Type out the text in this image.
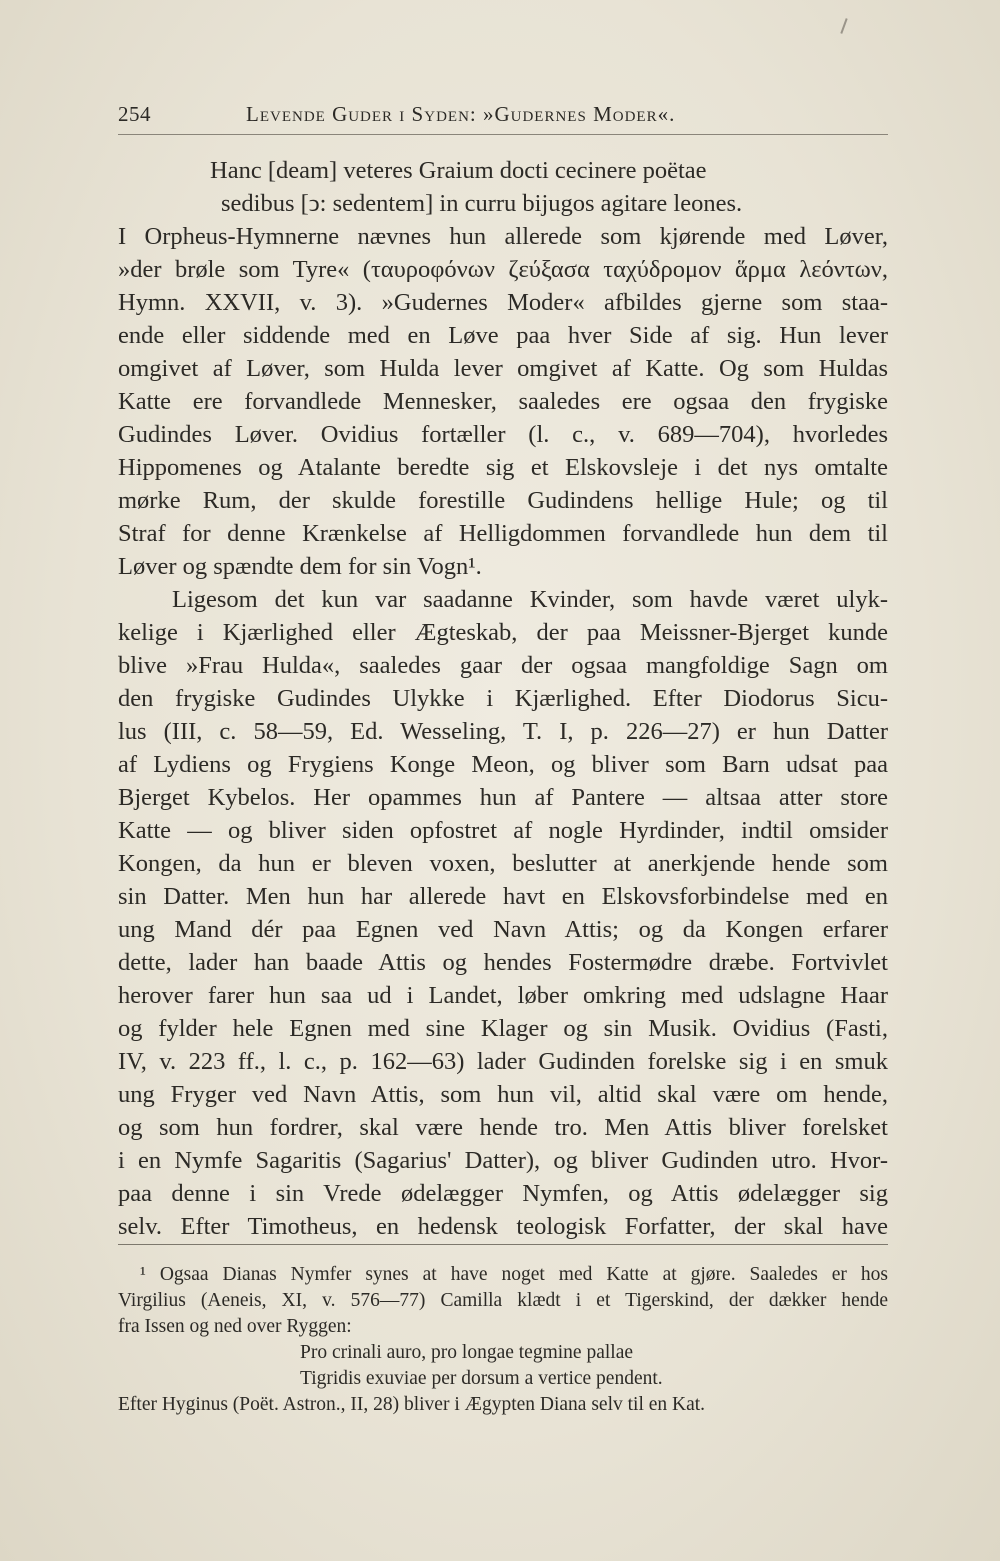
254	Levende Guder i Syden: »Gudernes Moder«.
Hanc [deam] veteres Graium docti cecinere poëtae
sedibus [ↄ: sedentem] in curru bijugos agitare leones.
I Orpheus-Hymnerne nævnes hun allerede som kjørende med Løver,
»der brøle som Tyre« (ταυροφόνων ζεύξασα ταχύδρομον ἅρμα λεόντων,
Hymn. XXVII, v. 3). »Gudernes Moder« afbildes gjerne som staa-
ende eller siddende med en Løve paa hver Side af sig. Hun lever
omgivet af Løver, som Hulda lever omgivet af Katte. Og som Huldas
Katte ere forvandlede Mennesker, saaledes ere ogsaa den frygiske
Gudindes Løver. Ovidius fortæller (l. c., v. 689—704), hvorledes
Hippomenes og Atalante beredte sig et Elskovsleje i det nys omtalte
mørke Rum, der skulde forestille Gudindens hellige Hule; og til
Straf for denne Krænkelse af Helligdommen forvandlede hun dem til
Løver og spændte dem for sin Vogn¹.
Ligesom det kun var saadanne Kvinder, som havde været ulyk-
kelige i Kjærlighed eller Ægteskab, der paa Meissner-Bjerget kunde
blive »Frau Hulda«, saaledes gaar der ogsaa mangfoldige Sagn om
den frygiske Gudindes Ulykke i Kjærlighed. Efter Diodorus Sicu-
lus (III, c. 58—59, Ed. Wesseling, T. I, p. 226—27) er hun Datter
af Lydiens og Frygiens Konge Meon, og bliver som Barn udsat paa
Bjerget Kybelos. Her opammes hun af Pantere — altsaa atter store
Katte — og bliver siden opfostret af nogle Hyrdinder, indtil omsider
Kongen, da hun er bleven voxen, beslutter at anerkjende hende som
sin Datter. Men hun har allerede havt en Elskovsforbindelse med en
ung Mand dér paa Egnen ved Navn Attis; og da Kongen erfarer
dette, lader han baade Attis og hendes Fostermødre dræbe. Fortvivlet
herover farer hun saa ud i Landet, løber omkring med udslagne Haar
og fylder hele Egnen med sine Klager og sin Musik. Ovidius (Fasti,
IV, v. 223 ff., l. c., p. 162—63) lader Gudinden forelske sig i en smuk
ung Fryger ved Navn Attis, som hun vil, altid skal være om hende,
og som hun fordrer, skal være hende tro. Men Attis bliver forelsket
i en Nymfe Sagaritis (Sagarius' Datter), og bliver Gudinden utro. Hvor-
paa denne i sin Vrede ødelægger Nymfen, og Attis ødelægger sig
selv. Efter Timotheus, en hedensk teologisk Forfatter, der skal have
¹ Ogsaa Dianas Nymfer synes at have noget med Katte at gjøre. Saaledes er hos
Virgilius (Aeneis, XI, v. 576—77) Camilla klædt i et Tigerskind, der dækker hende
fra Issen og ned over Ryggen:
Pro crinali auro, pro longae tegmine pallae
Tigridis exuviae per dorsum a vertice pendent.
Efter Hyginus (Poët. Astron., II, 28) bliver i Ægypten Diana selv til en Kat.
